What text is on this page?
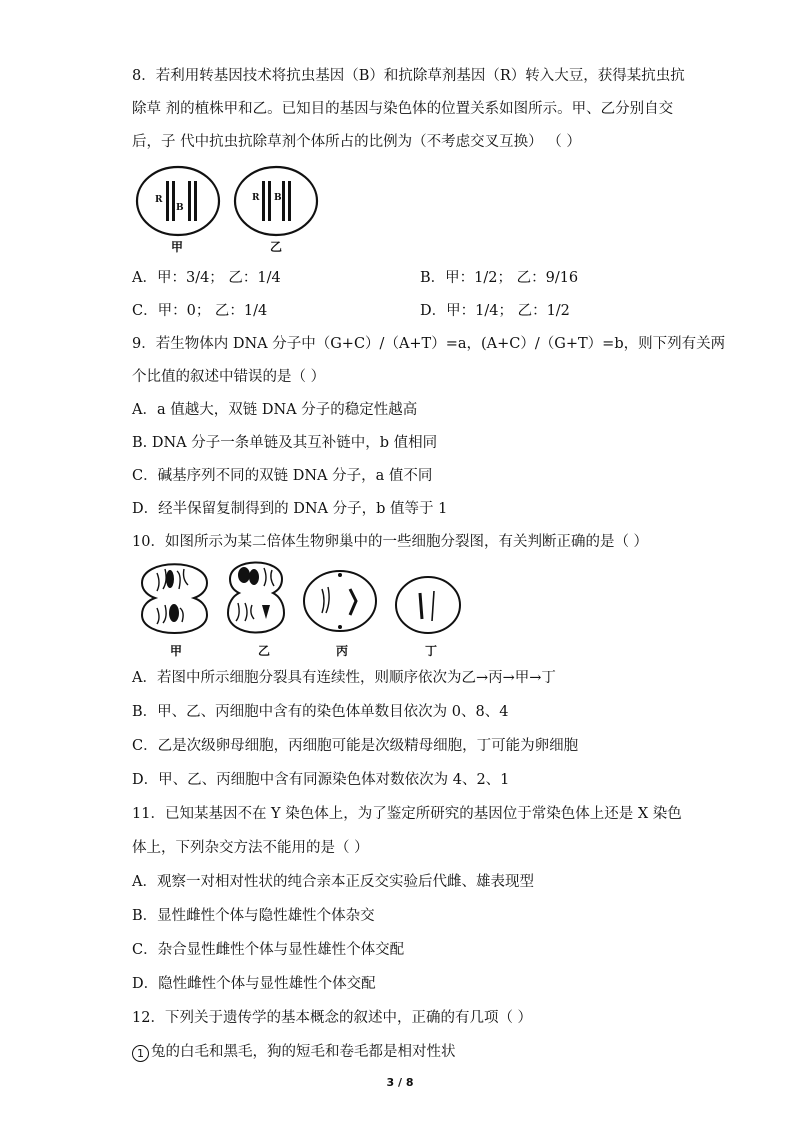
8．若利用转基因技术将抗虫基因（B）和抗除草剂基因（R）转入大豆，获得某抗虫抗
除草 剂的植株甲和乙。已知目的基因与染色体的位置关系如图所示。甲、乙分别自交
后，子 代中抗虫抗除草剂个体所占的比例为（不考虑交叉互换） （ ）
R
B
R B
甲	乙
A．甲：3/4； 乙：1/4	B．甲：1/2； 乙：9/16
C．甲：0； 乙：1/4	D．甲：1/4； 乙：1/2
9．若生物体内 DNA 分子中（G+C）/（A+T）=a，(A+C）/（G+T）=b，则下列有关两
个比值的叙述中错误的是（ ）
A．a 值越大，双链 DNA 分子的稳定性越高
B. DNA 分子一条单链及其互补链中，b 值相同
C．碱基序列不同的双链 DNA 分子，a 值不同
D．经半保留复制得到的 DNA 分子，b 值等于 1
10．如图所示为某二倍体生物卵巢中的一些细胞分裂图，有关判断正确的是（ ）
甲	乙	丙	丁
A．若图中所示细胞分裂具有连续性，则顺序依次为乙→丙→甲→丁
B．甲、乙、丙细胞中含有的染色体单数目依次为 0、8、4
C．乙是次级卵母细胞，丙细胞可能是次级精母细胞，丁可能为卵细胞
D．甲、乙、丙细胞中含有同源染色体对数依次为 4、2、1
11．已知某基因不在 Y 染色体上，为了鉴定所研究的基因位于常染色体上还是 X 染色
体上，下列杂交方法不能用的是（ ）
A．观察一对相对性状的纯合亲本正反交实验后代雌、雄表现型
B．显性雌性个体与隐性雄性个体杂交
C．杂合显性雌性个体与显性雄性个体交配
D．隐性雌性个体与显性雄性个体交配
12．下列关于遗传学的基本概念的叙述中，正确的有几项（ ）
1 兔的白毛和黑毛，狗的短毛和卷毛都是相对性状
3 / 8
